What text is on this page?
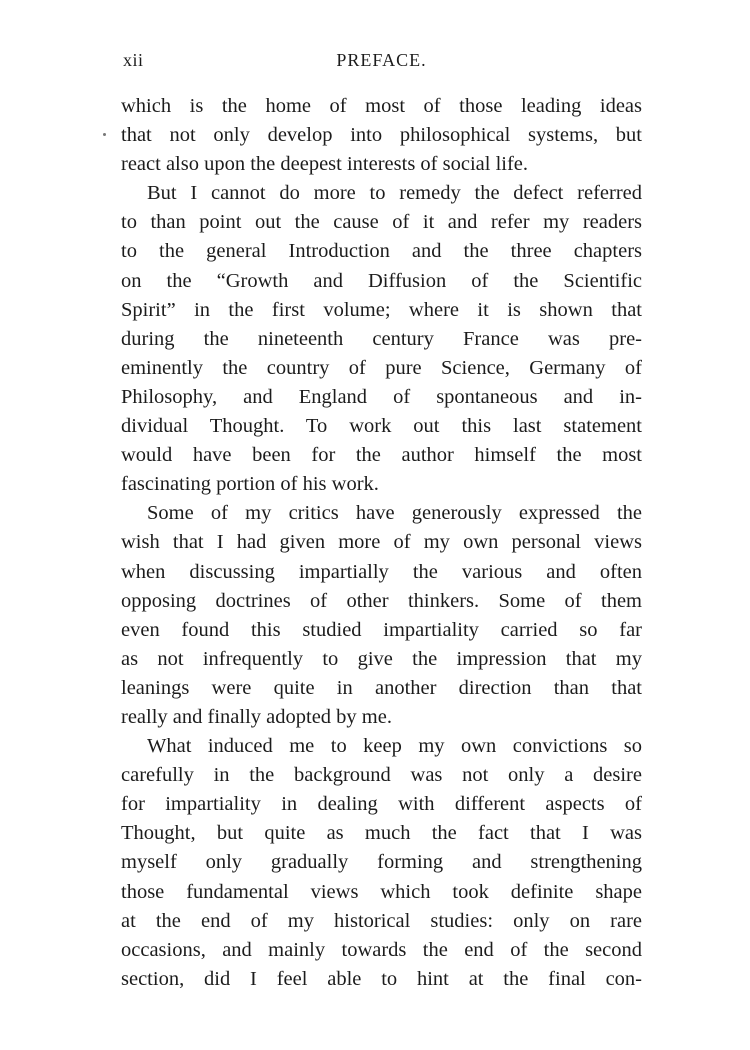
xii	PREFACE.
which is the home of most of those leading ideas
that not only develop into philosophical systems, but
react also upon the deepest interests of social life.
But I cannot do more to remedy the defect referred
to than point out the cause of it and refer my readers
to the general Introduction and the three chapters
on the “Growth and Diffusion of the Scientific
Spirit” in the first volume; where it is shown that
during the nineteenth century France was pre-
eminently the country of pure Science, Germany of
Philosophy, and England of spontaneous and in-
dividual Thought. To work out this last statement
would have been for the author himself the most
fascinating portion of his work.
Some of my critics have generously expressed the
wish that I had given more of my own personal views
when discussing impartially the various and often
opposing doctrines of other thinkers. Some of them
even found this studied impartiality carried so far
as not infrequently to give the impression that my
leanings were quite in another direction than that
really and finally adopted by me.
What induced me to keep my own convictions so
carefully in the background was not only a desire
for impartiality in dealing with different aspects of
Thought, but quite as much the fact that I was
myself only gradually forming and strengthening
those fundamental views which took definite shape
at the end of my historical studies: only on rare
occasions, and mainly towards the end of the second
section, did I feel able to hint at the final con-
